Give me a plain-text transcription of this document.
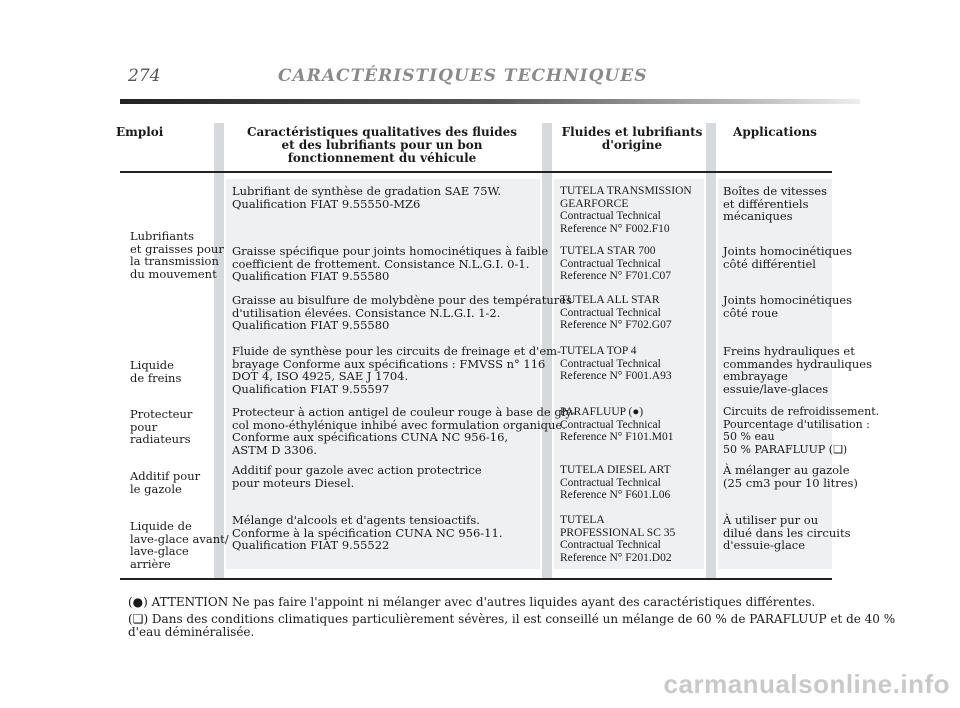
274	CARACTÉRISTIQUES TECHNIQUES
Emploi	Caractéristiques qualitatives des fluides
et des lubrifiants pour un bon
fonctionnement du véhicule
Fluides et lubrifiants
d'origine
Applications
Lubrifiants
et graisses pour
la transmission
du mouvement
Lubrifiant de synthèse de gradation SAE 75W.
Qualification FIAT 9.55550-MZ6
TUTELA TRANSMISSION
GEARFORCE
Contractual Technical
Reference N° F002.F10
Boîtes de vitesses
et différentiels
mécaniques
Graisse spécifique pour joints homocinétiques à faible
coefficient de frottement. Consistance N.L.G.I. 0-1.
Qualification FIAT 9.55580
TUTELA STAR 700
Contractual Technical
Reference N° F701.C07
Joints homocinétiques
côté différentiel
Graisse au bisulfure de molybdène pour des températures
d'utilisation élevées. Consistance N.L.G.I. 1-2.
Qualification FIAT 9.55580
TUTELA ALL STAR
Contractual Technical
Reference N° F702.G07
Joints homocinétiques
côté roue
Liquide
de freins
Fluide de synthèse pour les circuits de freinage et d'em-
brayage Conforme aux spécifications : FMVSS n° 116
DOT 4, ISO 4925, SAE J 1704.
Qualification FIAT 9.55597
TUTELA TOP 4
Contractual Technical
Reference N° F001.A93
Freins hydrauliques et
commandes hydrauliques
embrayage
essuie/lave-glaces
Protecteur
pour
radiateurs
Protecteur à action antigel de couleur rouge à base de gly-
col mono-éthylénique inhibé avec formulation organique.
Conforme aux spécifications CUNA NC 956-16,
ASTM D 3306.
PARAFLUUP (●)
Contractual Technical
Reference N° F101.M01
Circuits de refroidissement.
Pourcentage d'utilisation :
50 % eau
50 % PARAFLUUP (❑)
Additif pour
le gazole
Additif pour gazole avec action protectrice
pour moteurs Diesel.
TUTELA DIESEL ART
Contractual Technical
Reference N° F601.L06
À mélanger au gazole
(25 cm3 pour 10 litres)
Liquide de
lave-glace avant/
lave-glace
arrière
Mélange d'alcools et d'agents tensioactifs.
Conforme à la spécification CUNA NC 956-11.
Qualification FIAT 9.55522
TUTELA
PROFESSIONAL SC 35
Contractual Technical
Reference N° F201.D02
À utiliser pur ou
dilué dans les circuits
d'essuie-glace
(●) ATTENTION Ne pas faire l'appoint ni mélanger avec d'autres liquides ayant des caractéristiques différentes.
(❑) Dans des conditions climatiques particulièrement sévères, il est conseillé un mélange de 60 % de PARAFLUUP et de 40 %
d'eau déminéralisée.
carmanualsonline.info
